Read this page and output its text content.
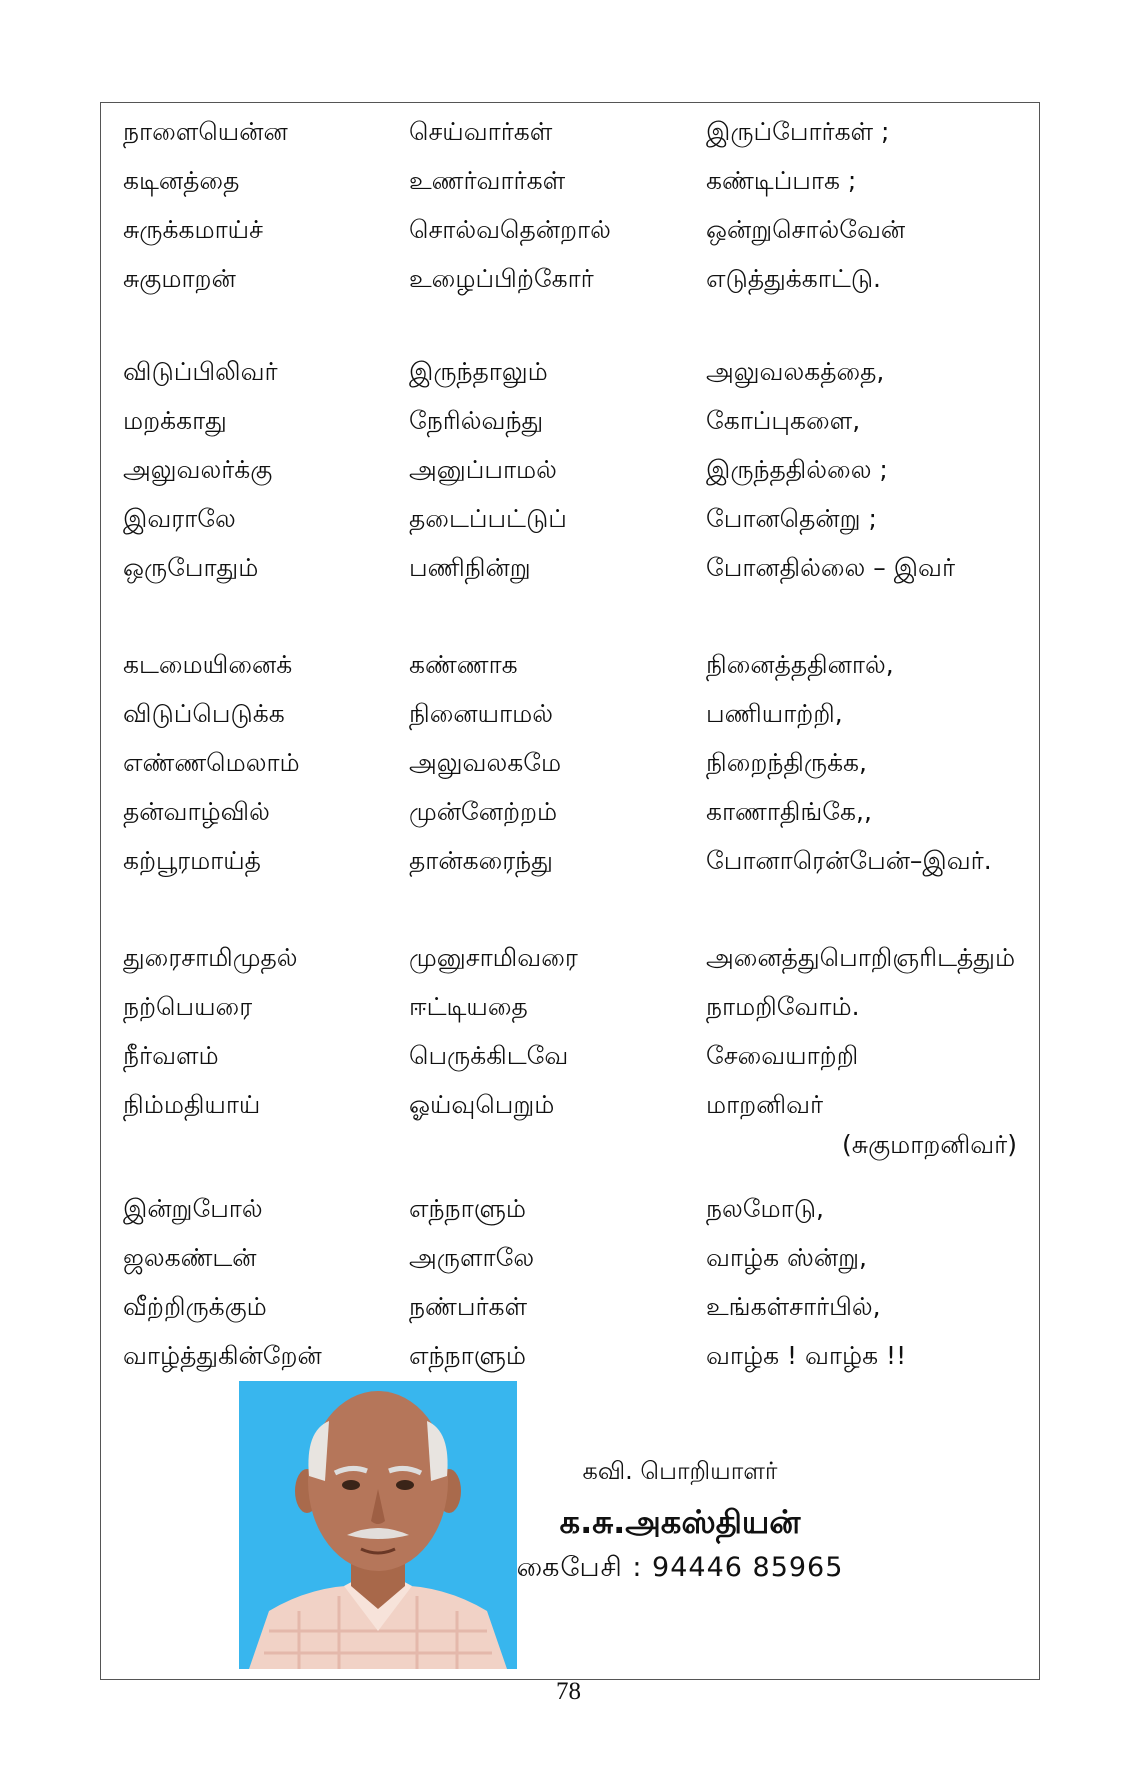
நாளையென்ன	செய்வார்கள்	இருப்போர்கள் ;
கடினத்தை	உணர்வார்கள்	கண்டிப்பாக ;
சுருக்கமாய்ச்	சொல்வதென்றால்	ஒன்றுசொல்வேன்
சுகுமாறன்	உழைப்பிற்கோர்	எடுத்துக்காட்டு.
விடுப்பிலிவர்	இருந்தாலும்	அலுவலகத்தை,
மறக்காது	நேரில்வந்து	கோப்புகளை,
அலுவலர்க்கு	அனுப்பாமல்	இருந்ததில்லை ;
இவராலே	தடைப்பட்டுப்	போனதென்று ;
ஒருபோதும்	பணிநின்று	போனதில்லை – இவர்
கடமையினைக்	கண்ணாக	நினைத்ததினால்,
விடுப்பெடுக்க	நினையாமல்	பணியாற்றி,
எண்ணமெலாம்	அலுவலகமே	நிறைந்திருக்க,
தன்வாழ்வில்	முன்னேற்றம்	காணாதிங்கே,,
கற்பூரமாய்த்	தான்கரைந்து	போனாரென்பேன்–இவர்.
துரைசாமிமுதல்	முனுசாமிவரை	அனைத்துபொறிஞரிடத்தும்
நற்பெயரை	ஈட்டியதை	நாமறிவோம்.
நீர்வளம்	பெருக்கிடவே	சேவையாற்றி
நிம்மதியாய்	ஓய்வுபெறும்	மாறனிவர்
(சுகுமாறனிவர்)
இன்றுபோல்	எந்நாளும்	நலமோடு,
ஜலகண்டன்	அருளாலே	வாழ்க ஸ்ன்று,
வீற்றிருக்கும்	நண்பர்கள்	உங்கள்சார்பில்,
வாழ்த்துகின்றேன்	எந்நாளும்	வாழ்க ! வாழ்க !!
கவி. பொறியாளர்
க.சு.அகஸ்தியன்
கைபேசி : 94446 85965
78
